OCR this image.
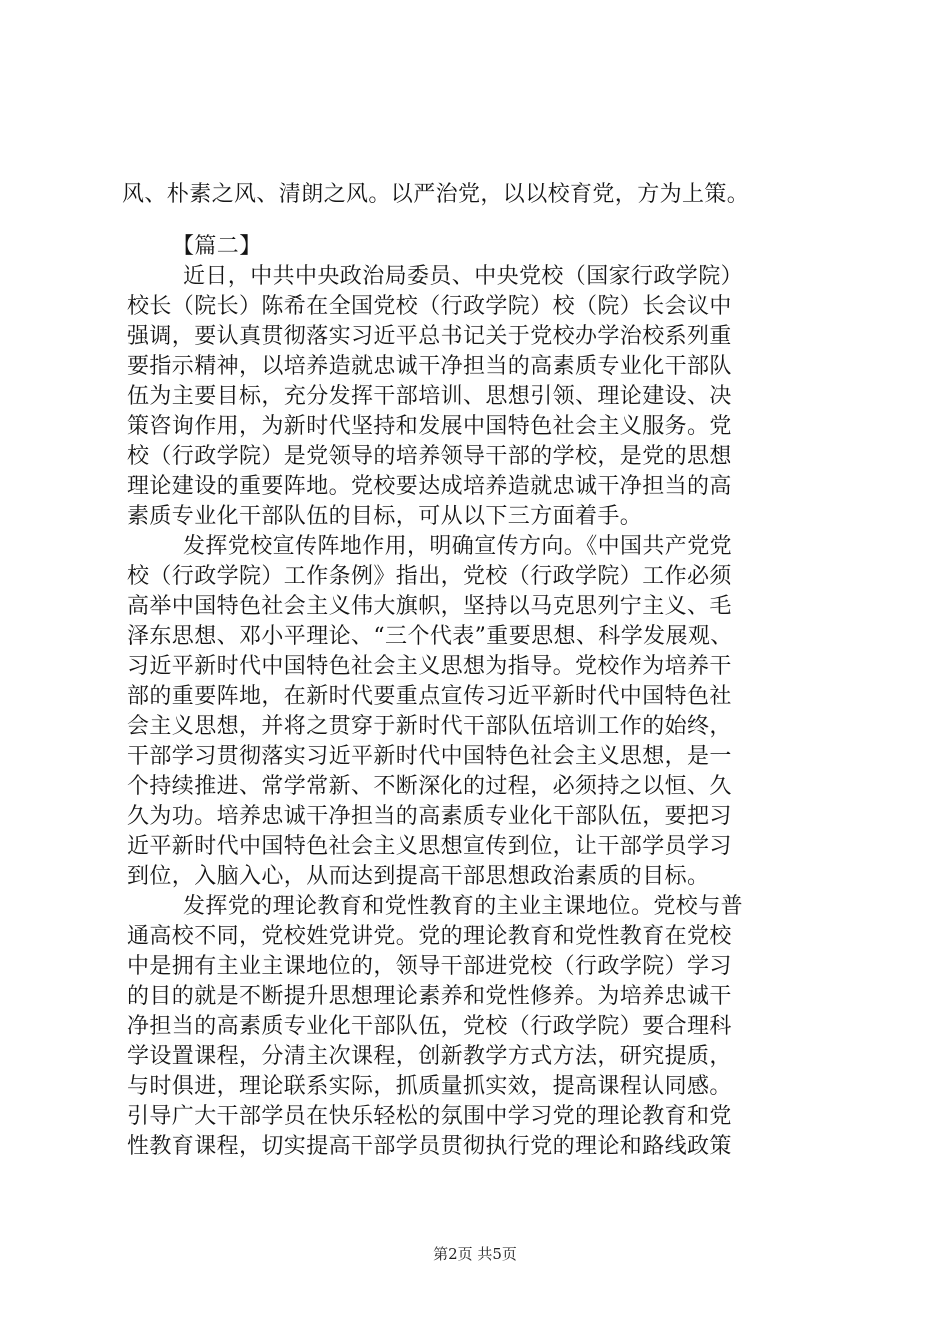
风、朴素之风、清朗之风。以严治党，以以校育党，方为上策。
【篇二】
近日，中共中央政治局委员、中央党校（国家行政学院）
校长（院长）陈希在全国党校（行政学院）校（院）长会议中
强调，要认真贯彻落实习近平总书记关于党校办学治校系列重
要指示精神，以培养造就忠诚干净担当的高素质专业化干部队
伍为主要目标，充分发挥干部培训、思想引领、理论建设、决
策咨询作用，为新时代坚持和发展中国特色社会主义服务。党
校（行政学院）是党领导的培养领导干部的学校，是党的思想
理论建设的重要阵地。党校要达成培养造就忠诚干净担当的高
素质专业化干部队伍的目标，可从以下三方面着手。
发挥党校宣传阵地作用，明确宣传方向。《中国共产党党
校（行政学院）工作条例》指出，党校（行政学院）工作必须
高举中国特色社会主义伟大旗帜，坚持以马克思列宁主义、毛
泽东思想、邓小平理论、“三个代表”重要思想、科学发展观、
习近平新时代中国特色社会主义思想为指导。党校作为培养干
部的重要阵地，在新时代要重点宣传习近平新时代中国特色社
会主义思想，并将之贯穿于新时代干部队伍培训工作的始终，
干部学习贯彻落实习近平新时代中国特色社会主义思想，是一
个持续推进、常学常新、不断深化的过程，必须持之以恒、久
久为功。培养忠诚干净担当的高素质专业化干部队伍，要把习
近平新时代中国特色社会主义思想宣传到位，让干部学员学习
到位，入脑入心，从而达到提高干部思想政治素质的目标。
发挥党的理论教育和党性教育的主业主课地位。党校与普
通高校不同，党校姓党讲党。党的理论教育和党性教育在党校
中是拥有主业主课地位的，领导干部进党校（行政学院）学习
的目的就是不断提升思想理论素养和党性修养。为培养忠诚干
净担当的高素质专业化干部队伍，党校（行政学院）要合理科
学设置课程，分清主次课程，创新教学方式方法，研究提质，
与时俱进，理论联系实际，抓质量抓实效，提高课程认同感。
引导广大干部学员在快乐轻松的氛围中学习党的理论教育和党
性教育课程，切实提高干部学员贯彻执行党的理论和路线政策
第2页 共5页
